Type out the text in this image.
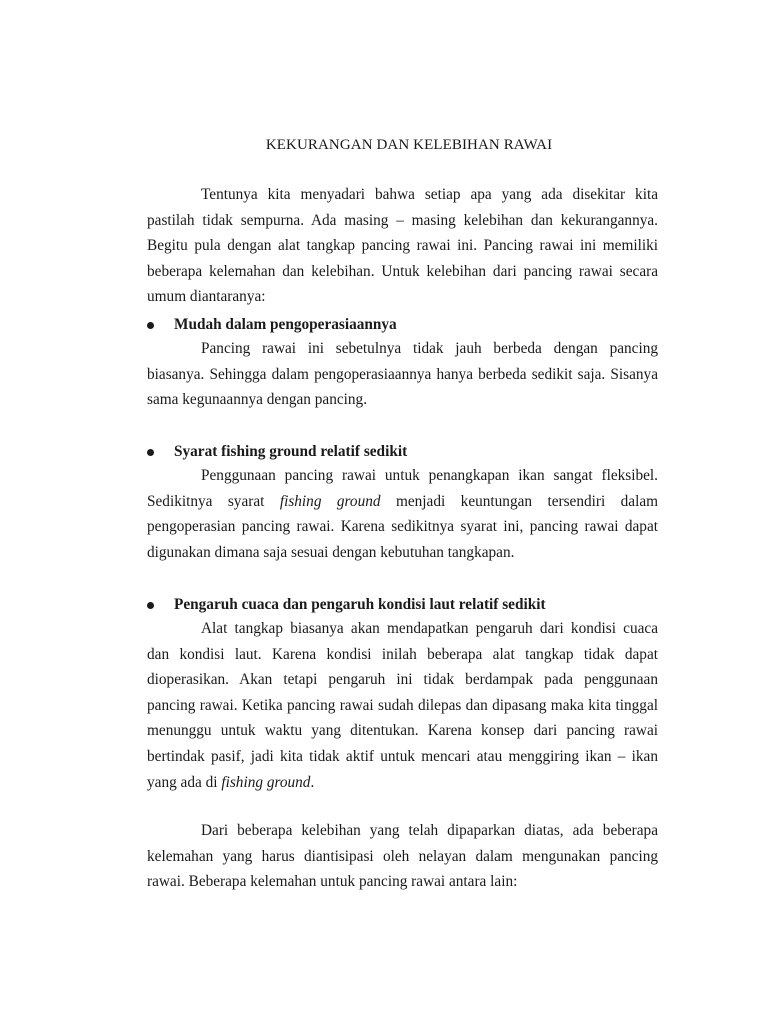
KEKURANGAN DAN KELEBIHAN RAWAI
Tentunya kita menyadari bahwa setiap apa yang ada disekitar kita
pastilah tidak sempurna. Ada masing – masing kelebihan dan kekurangannya.
Begitu pula dengan alat tangkap pancing rawai ini. Pancing rawai ini memiliki
beberapa kelemahan dan kelebihan. Untuk kelebihan dari pancing rawai secara
umum diantaranya:
Mudah dalam pengoperasiaannya
Pancing rawai ini sebetulnya tidak jauh berbeda dengan pancing
biasanya. Sehingga dalam pengoperasiaannya hanya berbeda sedikit saja. Sisanya
sama kegunaannya dengan pancing.
Syarat fishing ground relatif sedikit
Penggunaan pancing rawai untuk penangkapan ikan sangat fleksibel.
Sedikitnya syarat fishing ground menjadi keuntungan tersendiri dalam
pengoperasian pancing rawai. Karena sedikitnya syarat ini, pancing rawai dapat
digunakan dimana saja sesuai dengan kebutuhan tangkapan.
Pengaruh cuaca dan pengaruh kondisi laut relatif sedikit
Alat tangkap biasanya akan mendapatkan pengaruh dari kondisi cuaca
dan kondisi laut. Karena kondisi inilah beberapa alat tangkap tidak dapat
dioperasikan. Akan tetapi pengaruh ini tidak berdampak pada penggunaan
pancing rawai. Ketika pancing rawai sudah dilepas dan dipasang maka kita tinggal
menunggu untuk waktu yang ditentukan. Karena konsep dari pancing rawai
bertindak pasif, jadi kita tidak aktif untuk mencari atau menggiring ikan – ikan
yang ada di fishing ground.
Dari beberapa kelebihan yang telah dipaparkan diatas, ada beberapa
kelemahan yang harus diantisipasi oleh nelayan dalam mengunakan pancing
rawai. Beberapa kelemahan untuk pancing rawai antara lain:
